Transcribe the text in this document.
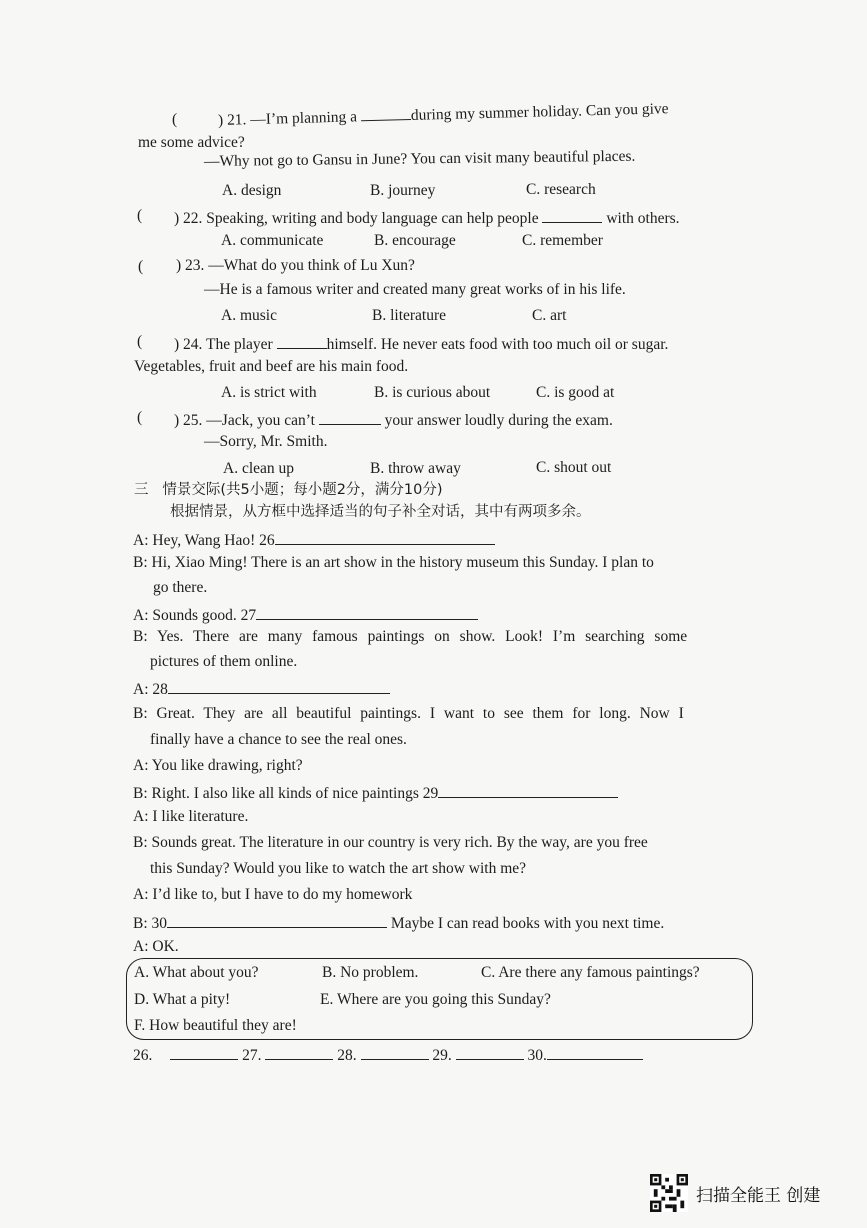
(	) 21. —I’m planning a	during my summer holiday. Can you give
me some advice?
—Why not go to Gansu in June? You can visit many beautiful places.
A. design	B. journey	C. research
( ) 22. Speaking, writing and body language can help people	with others.
A. communicate	B. encourage	C. remember
( ) 23. —What do you think of Lu Xun?
—He is a famous writer and created many great works of in his life.
A. music	B. literature	C. art
( ) 24. The player	himself. He never eats food with too much oil or sugar.
Vegetables, fruit and beef are his main food.
A. is strict with	B. is curious about	C. is good at
( ) 25. —Jack, you can’t	your answer loudly during the exam.
—Sorry, Mr. Smith.
A. clean up	B. throw away	C. shout out
三 情景交际(共5小题；每小题2分，满分10分)
根据情景，从方框中选择适当的句子补全对话，其中有两项多余。
A: Hey, Wang Hao! 26
B: Hi, Xiao Ming! There is an art show in the history museum this Sunday. I plan to
go there.
A: Sounds good. 27
B: Yes. There are many famous paintings on show. Look! I’m searching some
pictures of them online.
A: 28
B: Great. They are all beautiful paintings. I want to see them for long. Now I
finally have a chance to see the real ones.
A: You like drawing, right?
B: Right. I also like all kinds of nice paintings 29
A: I like literature.
B: Sounds great. The literature in our country is very rich. By the way, are you free
this Sunday? Would you like to watch the art show with me?
A: I’d like to, but I have to do my homework
B: 30	Maybe I can read books with you next time.
A: OK.
A. What about you?	B. No problem.	C. Are there any famous paintings?
D. What a pity!	E. Where are you going this Sunday?
F. How beautiful they are!
26.	27.	28.	29.	30.
扫描全能王 创建
